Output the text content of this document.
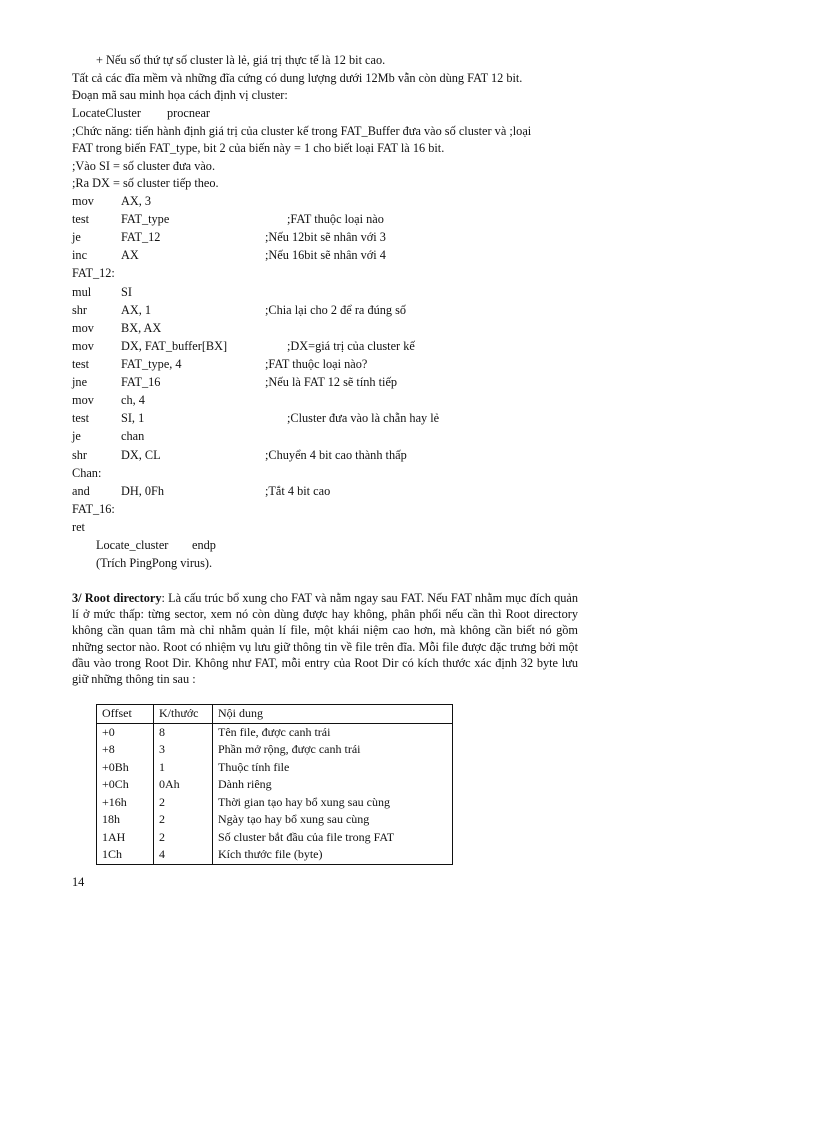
+ Nếu số thứ tự số cluster là lẻ, giá trị thực tế là 12 bit cao.
Tất cả các đĩa mềm và những đĩa cứng có dung lượng dưới 12Mb vẫn còn dùng FAT 12 bit.
Đoạn mã sau minh họa cách định vị cluster:
LocateCluster procnear
;Chức năng: tiến hành định giá trị của cluster kế trong FAT_Buffer đưa vào số cluster và ;loại
FAT trong biến FAT_type, bit 2 của biến này = 1 cho biết loại FAT là 16 bit.
;Vào SI = số cluster đưa vào.
;Ra DX = số cluster tiếp theo.
mov AX, 3
test	FAT_type	;FAT thuộc loại nào
je	FAT_12	;Nếu 12bit sẽ nhân với 3
inc	AX	;Nếu 16bit sẽ nhân với 4
FAT_12:
mul SI
shr	AX, 1	;Chia lại cho 2 để ra đúng số
mov BX, AX
mov DX, FAT_buffer[BX]	;DX=giá trị của cluster kế
test	FAT_type, 4	;FAT thuộc loại nào?
jne	FAT_16	;Nếu là FAT 12 sẽ tính tiếp
mov ch, 4
test	SI, 1	;Cluster đưa vào là chẵn hay lẻ
je	chan
shr	DX, CL	;Chuyển 4 bit cao thành thấp
Chan:
and	DH, 0Fh	;Tắt 4 bit cao
FAT_16:
ret
Locate_cluster endp
(Trích PingPong virus).
3/ Root directory: Là cấu trúc bổ xung cho FAT và nằm ngay sau FAT. Nếu FAT nhằm mục đích quản lí ở mức thấp: từng sector, xem nó còn dùng được hay không, phân phối nếu cần thì Root directory không cần quan tâm mà chỉ nhằm quản lí file, một khái niệm cao hơn, mà không cần biết nó gồm những sector nào. Root có nhiệm vụ lưu giữ thông tin về file trên đĩa. Mỗi file được đặc trưng bởi một đầu vào trong Root Dir. Không như FAT, mỗi entry của Root Dir có kích thước xác định 32 byte lưu giữ những thông tin sau :
Offset	K/thước	Nội dung
+0	8	Tên file, được canh trái
+8	3	Phần mở rộng, được canh trái
+0Bh	1	Thuộc tính file
+0Ch	0Ah	Dành riêng
+16h	2	Thời gian tạo hay bổ xung sau cùng
18h	2	Ngày tạo hay bổ xung sau cùng
1AH	2	Số cluster bắt đầu của file trong FAT
1Ch	4	Kích thước file (byte)
14
